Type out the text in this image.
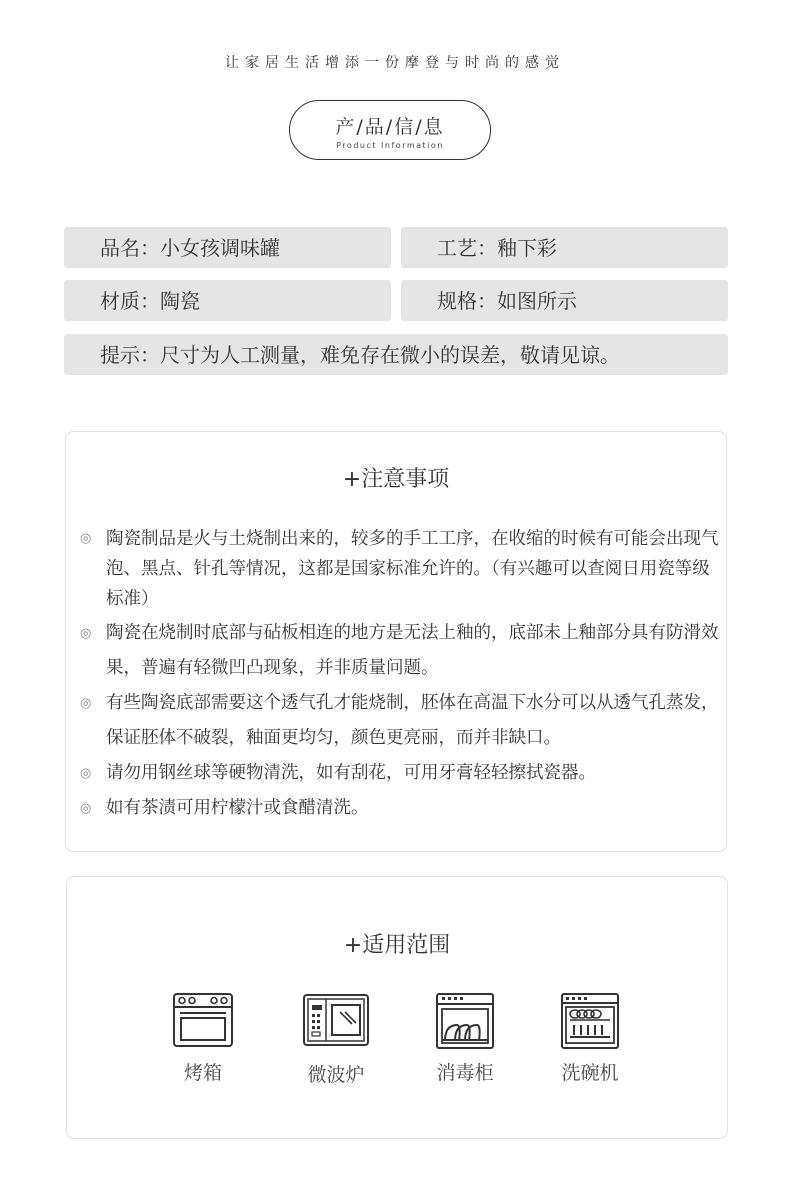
让家居生活增添一份摩登与时尚的感觉
产/品/信/息
Product Information
品名：小女孩调味罐	工艺：釉下彩
材质：陶瓷	规格：如图所示
提示：尺寸为人工测量，难免存在微小的误差，敬请见谅。
+注意事项
◎ 陶瓷制品是火与土烧制出来的，较多的手工工序，在收缩的时候有可能会出现气泡、黑点、针孔等情况，这都是国家标准允许的。（有兴趣可以查阅日用瓷等级标准）
◎ 陶瓷在烧制时底部与砧板相连的地方是无法上釉的，底部未上釉部分具有防滑效果，普遍有轻微凹凸现象，并非质量问题。
◎ 有些陶瓷底部需要这个透气孔才能烧制，胚体在高温下水分可以从透气孔蒸发，保证胚体不破裂，釉面更均匀，颜色更亮丽，而并非缺口。
◎ 请勿用钢丝球等硬物清洗，如有刮花，可用牙膏轻轻擦拭瓷器。
◎ 如有茶渍可用柠檬汁或食醋清洗。
+适用范围
烤箱	微波炉	消毒柜	洗碗机
